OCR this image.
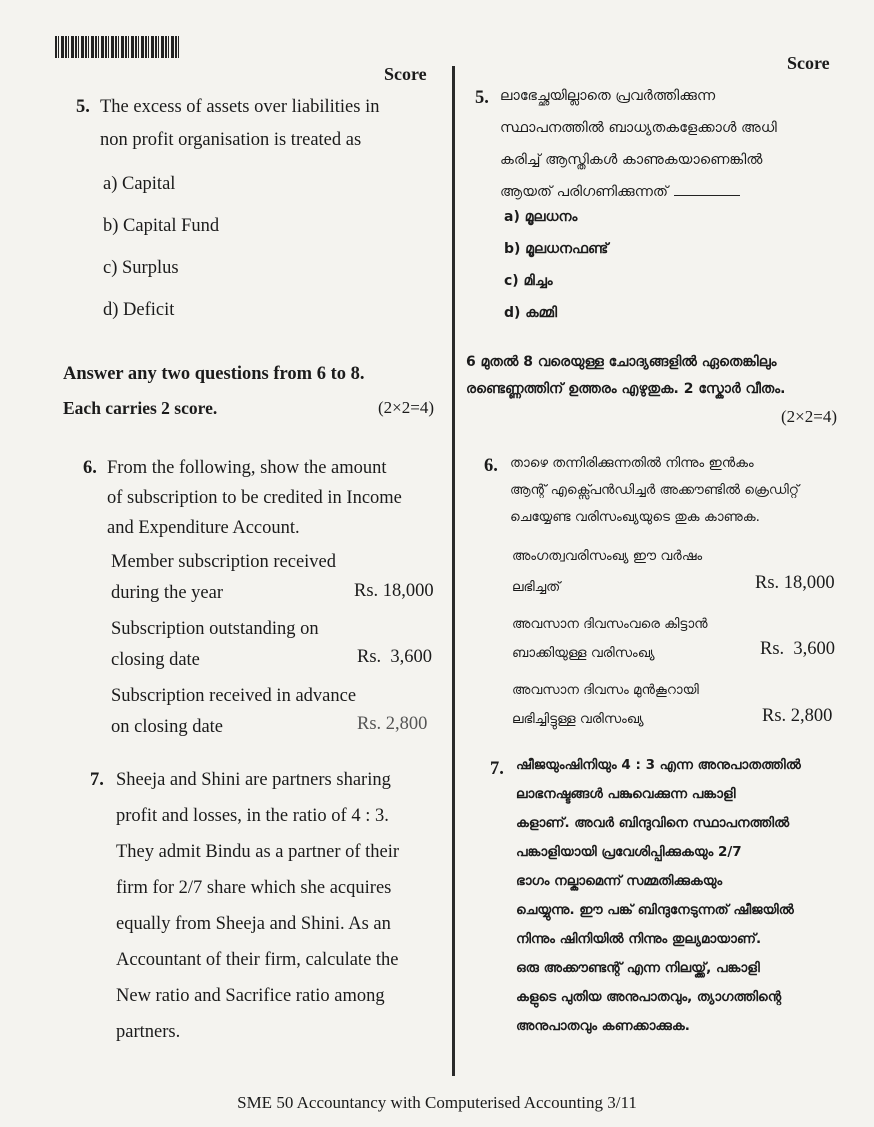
Score
5. The excess of assets over liabilities in
non profit organisation is treated as
a) Capital
b) Capital Fund
c) Surplus
d) Deficit
Answer any two questions from 6 to 8.
Each carries 2 score.	(2×2=4)
6. From the following, show the amount
of subscription to be credited in Income
and Expenditure Account.
Member subscription received
during the year	Rs. 18,000
Subscription outstanding on
closing date	Rs.  3,600
Subscription received in advance
on closing date	Rs. 2,800
7. Sheeja and Shini are partners sharing
profit and losses, in the ratio of 4 : 3.
They admit Bindu as a partner of their
firm for 2/7 share which she acquires
equally from Sheeja and Shini. As an
Accountant of their firm, calculate the
New ratio and Sacrifice ratio among
partners.
Score
5. ലാഭേച്ഛയില്ലാതെ പ്രവർത്തിക്കുന്ന
സ്ഥാപനത്തിൽ ബാധ്യതകളേക്കാൾ അധി
കരിച്ച് ആസ്തികൾ കാണുകയാണെങ്കിൽ
ആയത് പരിഗണിക്കുന്നത്
a) മൂലധനം
b) മൂലധനഫണ്ട്
c) മിച്ചം
d) കമ്മി
6 മുതൽ 8 വരെയുള്ള ചോദ്യങ്ങളിൽ ഏതെങ്കിലും
രണ്ടെണ്ണത്തിന് ഉത്തരം എഴുതുക. 2 സ്കോർ വീതം.
(2×2=4)
6. താഴെ തന്നിരിക്കുന്നതിൽ നിന്നും ഇൻകം
ആന്റ് എക്സ്പെൻഡിച്ചർ അക്കൗണ്ടിൽ ക്രെഡിറ്റ്
ചെയ്യേണ്ട വരിസംഖ്യയുടെ തുക കാണുക.
അംഗത്വവരിസംഖ്യ ഈ വർഷം
ലഭിച്ചത്	Rs. 18,000
അവസാന ദിവസംവരെ കിട്ടാൻ
ബാക്കിയുള്ള വരിസംഖ്യ	Rs.  3,600
അവസാന ദിവസം മുൻകൂറായി
ലഭിച്ചിട്ടുള്ള വരിസംഖ്യ	Rs. 2,800
7. ഷീജയുംഷിനിയും 4 : 3 എന്ന അനുപാതത്തിൽ
ലാഭനഷ്ടങ്ങൾ പങ്കുവെക്കുന്ന പങ്കാളി
കളാണ്. അവർ ബിന്ദുവിനെ സ്ഥാപനത്തിൽ
പങ്കാളിയായി പ്രവേശിപ്പിക്കുകയും 2/7
ഭാഗം നല്കാമെന്ന് സമ്മതിക്കുകയും
ചെയ്യുന്നു. ഈ പങ്ക് ബിന്ദുനേടുന്നത് ഷീജയിൽ
നിന്നും ഷിനിയിൽ നിന്നും തുല്യമായാണ്.
ഒരു അക്കൗണ്ടന്റ് എന്ന നിലയ്ക്ക്, പങ്കാളി
കളുടെ പുതിയ അനുപാതവും, ത്യാഗത്തിന്റെ
അനുപാതവും കണക്കാക്കുക.
SME 50 Accountancy with Computerised Accounting 3/11
